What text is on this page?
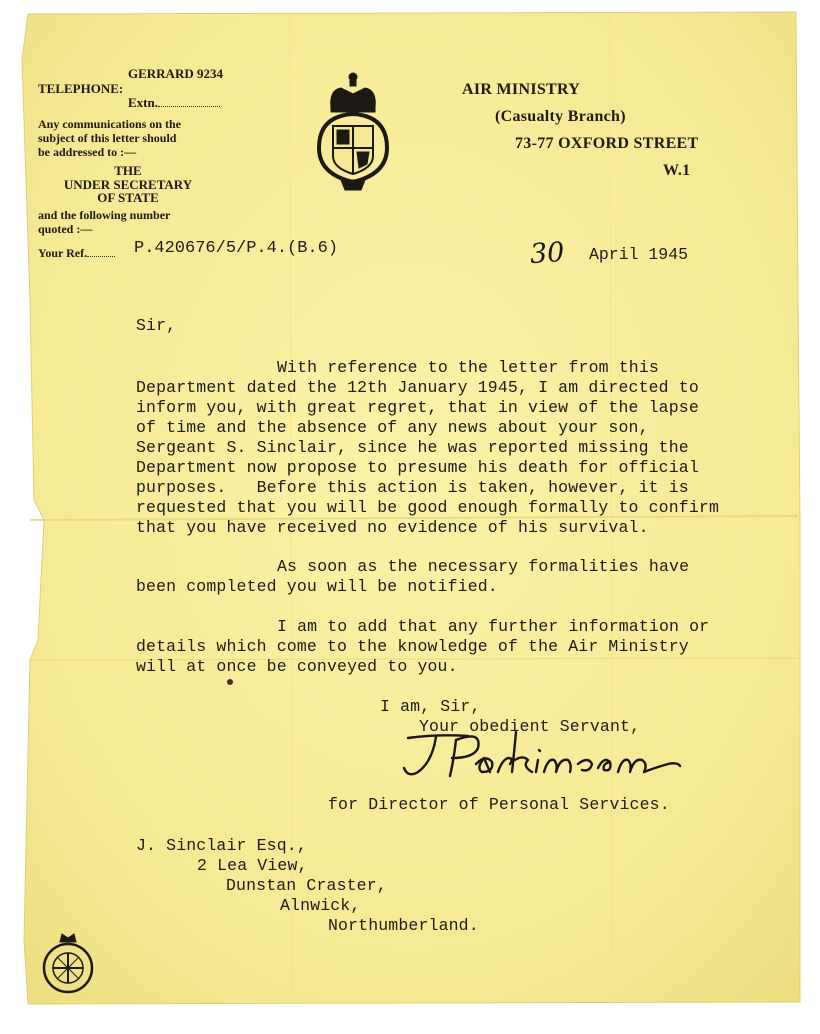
TELEPHONE:
GERRARD 9234
Extn.
Any communications on the
subject of this letter should
be addressed to :—
THE
UNDER SECRETARY
OF STATE
and the following number
quoted :—
Your Ref.	P.420676/5/P.4.(B.6)
AIR MINISTRY
(Casualty Branch)
73-77 OXFORD STREET
W.1
30 April 1945
Sir,
With reference to the letter from this
Department dated the 12th January 1945, I am directed to
inform you, with great regret, that in view of the lapse
of time and the absence of any news about your son,
Sergeant S. Sinclair, since he was reported missing the
Department now propose to presume his death for official
purposes.   Before this action is taken, however, it is
requested that you will be good enough formally to confirm
that you have received no evidence of his survival.
As soon as the necessary formalities have
been completed you will be notified.
I am to add that any further information or
details which come to the knowledge of the Air Ministry
will at once be conveyed to you.
I am, Sir,
Your obedient Servant,
for Director of Personal Services.
J. Sinclair Esq.,
2 Lea View,
Dunstan Craster,
Alnwick,
Northumberland.
